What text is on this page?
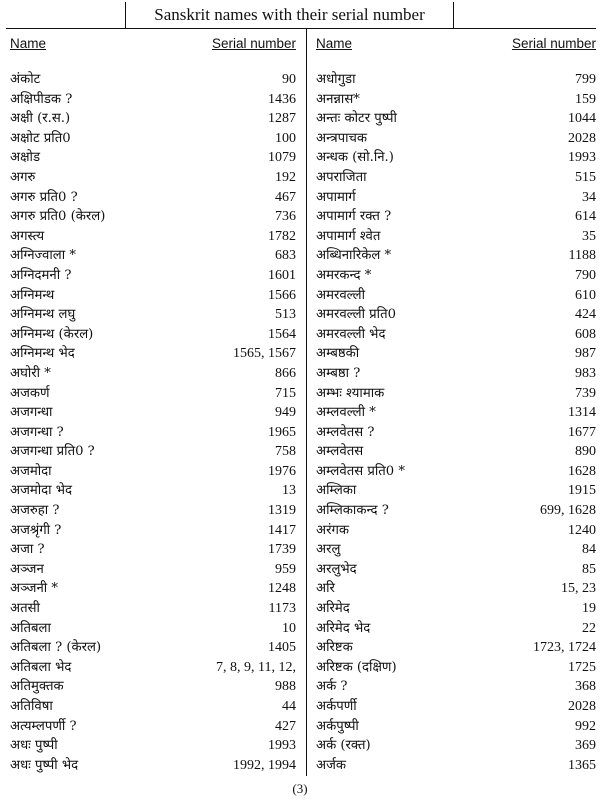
Sanskrit names with their serial number
Name	Serial number
अंकोट	90
अक्षिपीडक ?	1436
अक्षी (र.स.)	1287
अक्षोट प्रति0	100
अक्षोड	1079
अगरु	192
अगरु प्रति0 ?	467
अगरु प्रति0 (केरल)	736
अगस्त्य	1782
अग्निज्वाला *	683
अग्निदमनी ?	1601
अग्निमन्थ	1566
अग्निमन्थ लघु	513
अग्निमन्थ (केरल)	1564
अग्निमन्थ भेद	1565, 1567
अघोरी *	866
अजकर्ण	715
अजगन्धा	949
अजगन्धा ?	1965
अजगन्धा प्रति0 ?	758
अजमोदा	1976
अजमोदा भेद	13
अजरुहा ?	1319
अजश्रृंगी ?	1417
अजा ?	1739
अञ्जन	959
अञ्जनी *	1248
अतसी	1173
अतिबला	10
अतिबला ? (केरल)	1405
अतिबला भेद	7, 8, 9, 11, 12,
अतिमुक्तक	988
अतिविषा	44
अत्यम्लपर्णी ?	427
अधः पुष्पी	1993
अधः पुष्पी भेद	1992, 1994
Name	Serial number
अधोगुडा	799
अनन्नास*	159
अन्तः कोटर पुष्पी	1044
अन्त्रपाचक	2028
अन्धक (सो.नि.)	1993
अपराजिता	515
अपामार्ग	34
अपामार्ग रक्त ?	614
अपामार्ग श्वेत	35
अब्धिनारिकेल *	1188
अमरकन्द *	790
अमरवल्ली	610
अमरवल्ली प्रति0	424
अमरवल्ली भेद	608
अम्बष्ठकी	987
अम्बष्ठा ?	983
अम्भः श्यामाक	739
अम्लवल्ली *	1314
अम्लवेतस ?	1677
अम्लवेतस	890
अम्लवेतस प्रति0 *	1628
अम्लिका	1915
अम्लिकाकन्द ?	699, 1628
अरंगक	1240
अरलु	84
अरलुभेद	85
अरि	15, 23
अरिमेद	19
अरिमेद भेद	22
अरिष्टक	1723, 1724
अरिष्टक (दक्षिण)	1725
अर्क ?	368
अर्कपर्णी	2028
अर्कपुष्पी	992
अर्क (रक्त)	369
अर्जक	1365
(3)
